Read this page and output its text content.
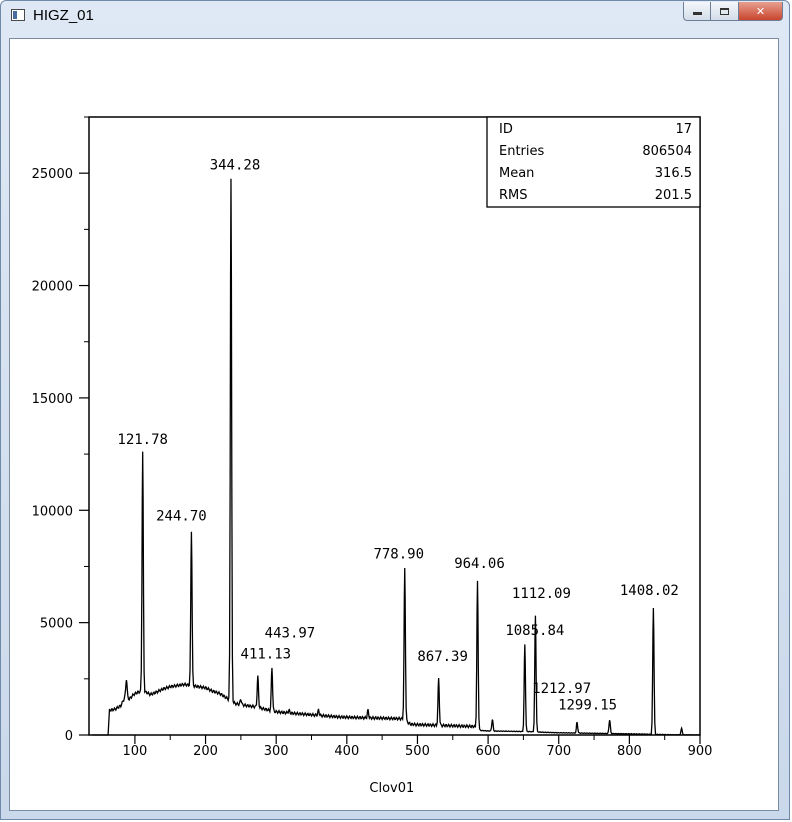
HIGZ_01	✕
100	200	300	400	500	600	700	800	900
0
5000
10000
15000
20000
25000
344.28
121.78
244.70
443.97
411.13
778.90
867.39
964.06
1112.09
1085.84
1212.97
1299.15
1408.02
ID	17
Entries	806504
Mean	316.5
RMS	201.5
Clov01
